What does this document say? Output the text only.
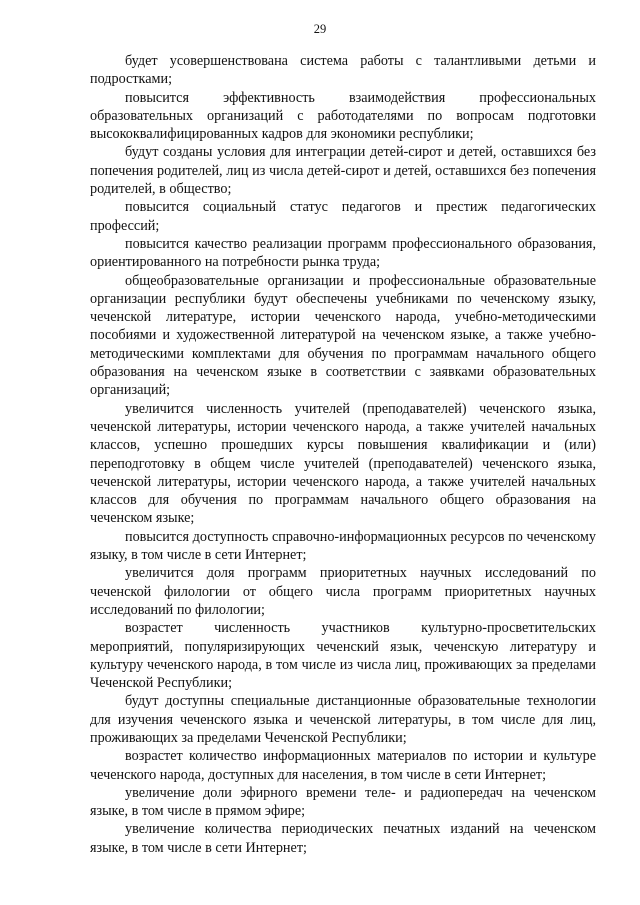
29

будет усовершенствована система работы с талантливыми детьми и подростками;

повысится эффективность взаимодействия профессиональных образовательных организаций с работодателями по вопросам подготовки высококвалифицированных кадров для экономики республики;

будут созданы условия для интеграции детей-сирот и детей, оставшихся без попечения родителей, лиц из числа детей-сирот и детей, оставшихся без попечения родителей, в общество;

повысится социальный статус педагогов и престиж педагогических профессий;

повысится качество реализации программ профессионального образования, ориентированного на потребности рынка труда;

общеобразовательные организации и профессиональные образовательные организации республики будут обеспечены учебниками по чеченскому языку, чеченской литературе, истории чеченского народа, учебно-методическими пособиями и художественной литературой на чеченском языке, а также учебно-методическими комплектами для обучения по программам начального общего образования на чеченском языке в соответствии с заявками образовательных организаций;

увеличится численность учителей (преподавателей) чеченского языка, чеченской литературы, истории чеченского народа, а также учителей начальных классов, успешно прошедших курсы повышения квалификации и (или) переподготовку в общем числе учителей (преподавателей) чеченского языка, чеченской литературы, истории чеченского народа, а также учителей начальных классов для обучения по программам начального общего образования на чеченском языке;

повысится доступность справочно-информационных ресурсов по чеченскому языку, в том числе в сети Интернет;

увеличится доля программ приоритетных научных исследований по чеченской филологии от общего числа программ приоритетных научных исследований по филологии;

возрастет численность участников культурно-просветительских мероприятий, популяризирующих чеченский язык, чеченскую литературу и культуру чеченского народа, в том числе из числа лиц, проживающих за пределами Чеченской Республики;

будут доступны специальные дистанционные образовательные технологии для изучения чеченского языка и чеченской литературы, в том числе для лиц, проживающих за пределами Чеченской Республики;

возрастет количество информационных материалов по истории и культуре чеченского народа, доступных для населения, в том числе в сети Интернет;

увеличение доли эфирного времени теле- и радиопередач на чеченском языке, в том числе в прямом эфире;

увеличение количества периодических печатных изданий на чеченском языке, в том числе в сети Интернет;
